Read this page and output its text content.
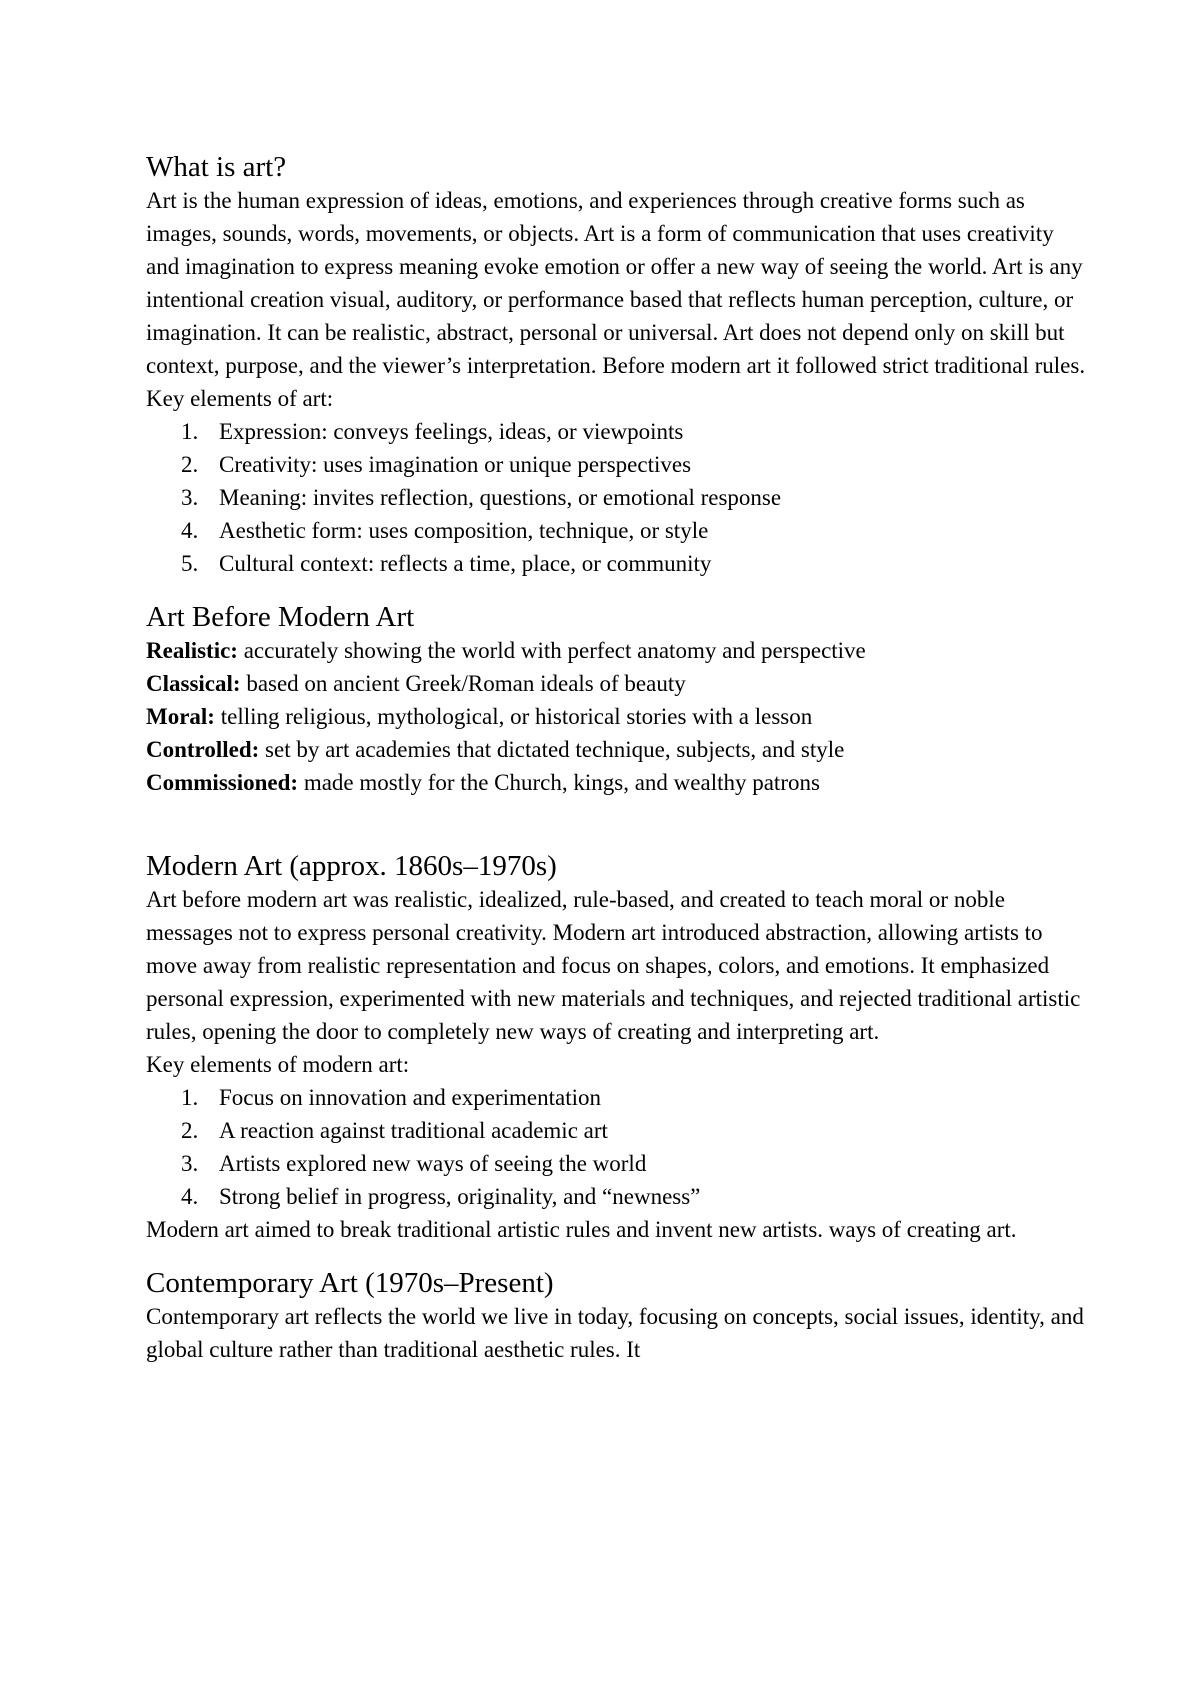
What is art?

Art is the human expression of ideas, emotions, and experiences through creative forms such as images, sounds, words, movements, or objects. Art is a form of communication that uses creativity and imagination to express meaning evoke emotion or offer a new way of seeing the world. Art is any intentional creation visual, auditory, or performance based that reflects human perception, culture, or imagination. It can be realistic, abstract, personal or universal. Art does not depend only on skill but context, purpose, and the viewer’s interpretation. Before modern art it followed strict traditional rules.

Key elements of art:

1. Expression: conveys feelings, ideas, or viewpoints
2. Creativity: uses imagination or unique perspectives
3. Meaning: invites reflection, questions, or emotional response
4. Aesthetic form: uses composition, technique, or style
5. Cultural context: reflects a time, place, or community
Art Before Modern Art

Realistic: accurately showing the world with perfect anatomy and perspective

Classical: based on ancient Greek/Roman ideals of beauty

Moral: telling religious, mythological, or historical stories with a lesson

Controlled: set by art academies that dictated technique, subjects, and style

Commissioned: made mostly for the Church, kings, and wealthy patrons

Modern Art (approx. 1860s–1970s)

Art before modern art was realistic, idealized, rule-based, and created to teach moral or noble messages not to express personal creativity. Modern art introduced abstraction, allowing artists to move away from realistic representation and focus on shapes, colors, and emotions. It emphasized personal expression, experimented with new materials and techniques, and rejected traditional artistic rules, opening the door to completely new ways of creating and interpreting art.

Key elements of modern art:

1. Focus on innovation and experimentation
2. A reaction against traditional academic art
3. Artists explored new ways of seeing the world
4. Strong belief in progress, originality, and “newness”

Modern art aimed to break traditional artistic rules and invent new artists. ways of creating art.

Contemporary Art (1970s–Present)

Contemporary art reflects the world we live in today, focusing on concepts, social issues, identity, and global culture rather than traditional aesthetic rules. It
